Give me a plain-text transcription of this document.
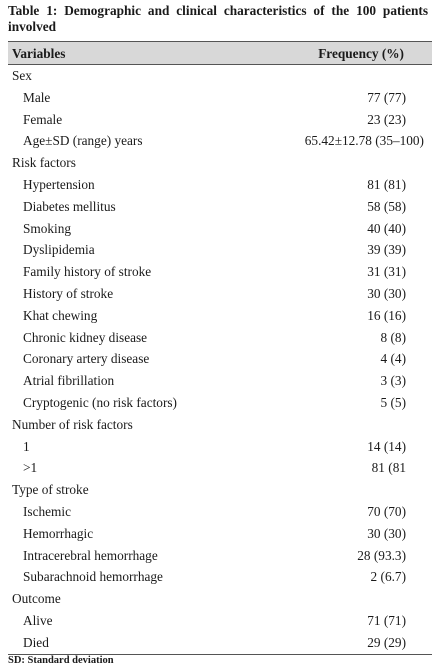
Table 1: Demographic and clinical characteristics of the 100 patients involved
Variables	Frequency (%)
Sex
Male	77 (77)
Female	23 (23)
Age±SD (range) years	65.42±12.78 (35–100)
Risk factors
Hypertension	81 (81)
Diabetes mellitus	58 (58)
Smoking	40 (40)
Dyslipidemia	39 (39)
Family history of stroke	31 (31)
History of stroke	30 (30)
Khat chewing	16 (16)
Chronic kidney disease	8 (8)
Coronary artery disease	4 (4)
Atrial fibrillation	3 (3)
Cryptogenic (no risk factors)	5 (5)
Number of risk factors
1	14 (14)
>1	81 (81
Type of stroke
Ischemic	70 (70)
Hemorrhagic	30 (30)
Intracerebral hemorrhage	28 (93.3)
Subarachnoid hemorrhage	2 (6.7)
Outcome
Alive	71 (71)
Died	29 (29)
SD: Standard deviation
